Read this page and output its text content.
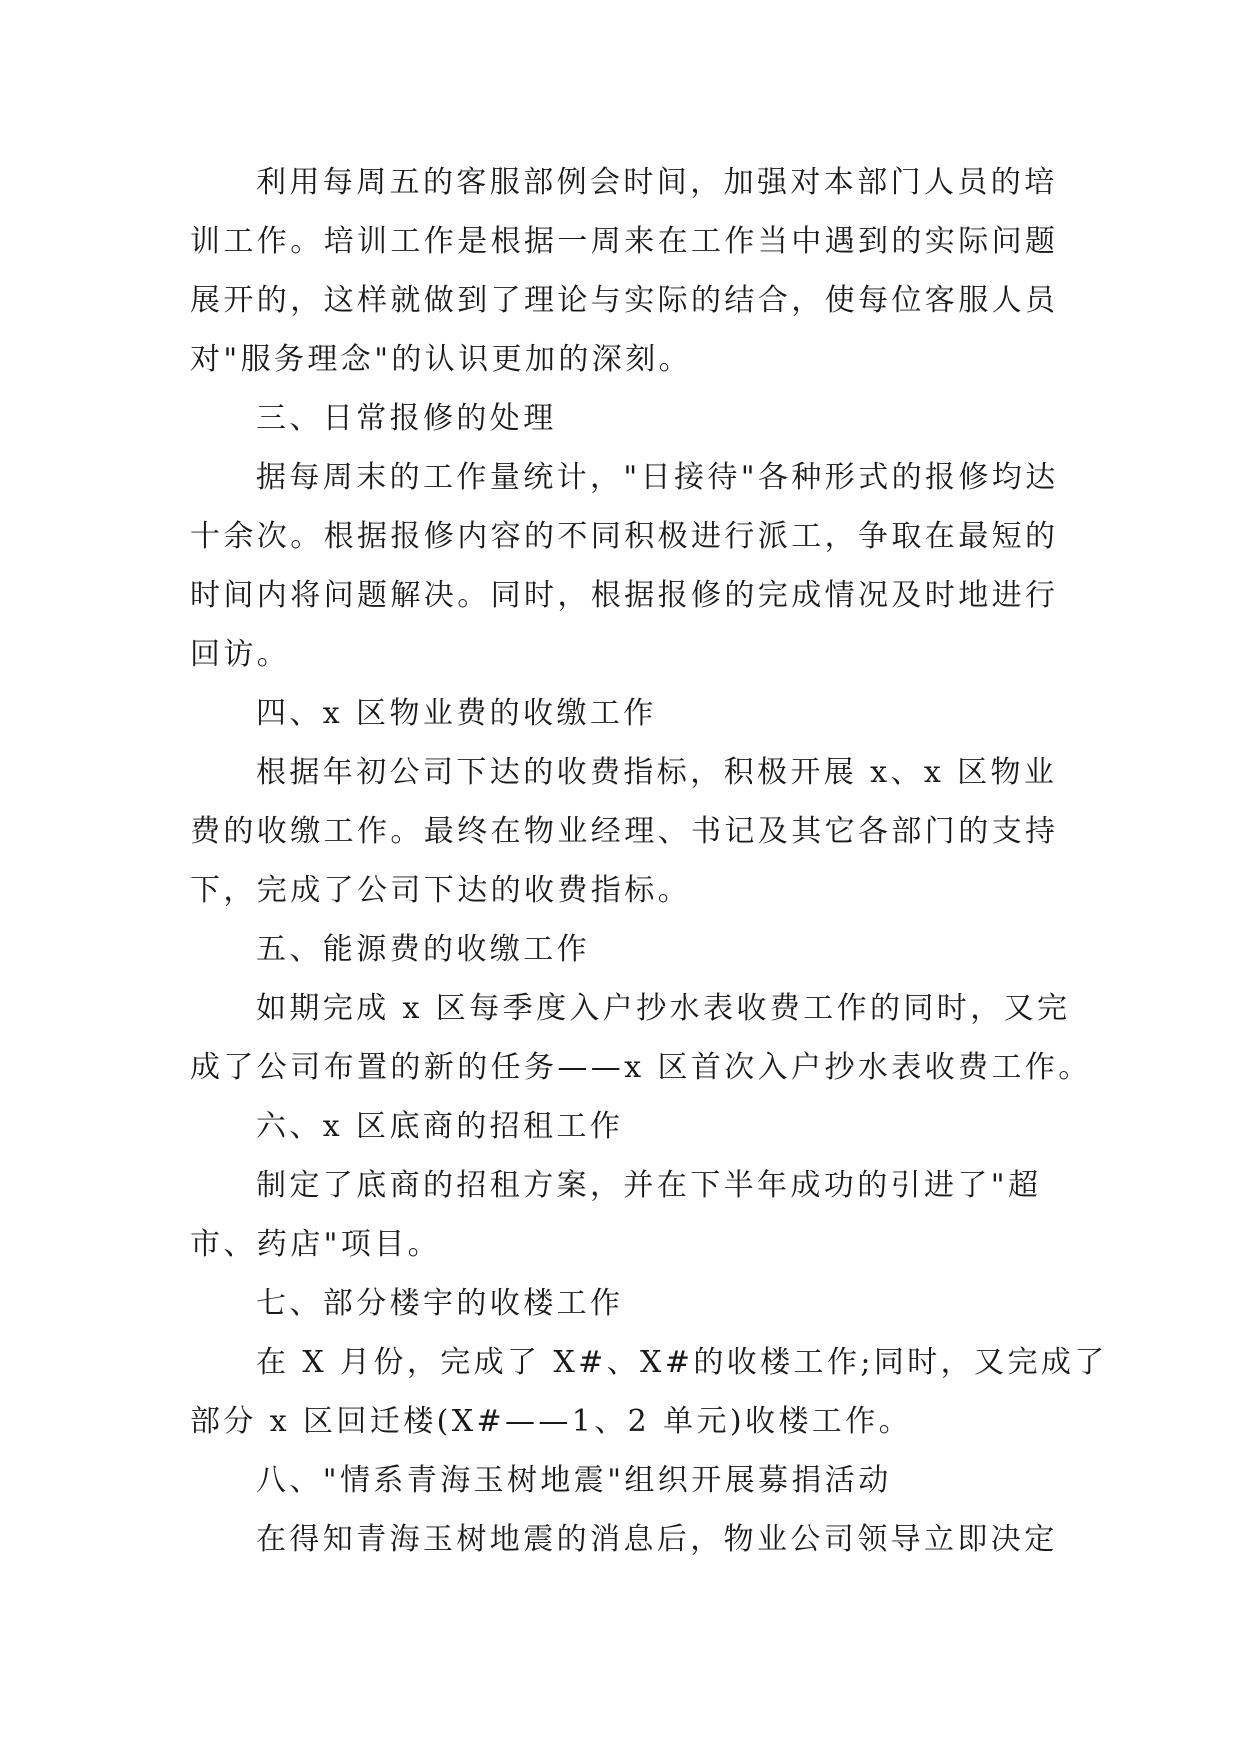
利用每周五的客服部例会时间，加强对本部门人员的培
训工作。培训工作是根据一周来在工作当中遇到的实际问题
展开的，这样就做到了理论与实际的结合，使每位客服人员
对"服务理念"的认识更加的深刻。
三、日常报修的处理
据每周末的工作量统计，"日接待"各种形式的报修均达
十余次。根据报修内容的不同积极进行派工，争取在最短的
时间内将问题解决。同时，根据报修的完成情况及时地进行
回访。
四、x 区物业费的收缴工作
根据年初公司下达的收费指标，积极开展 x、x 区物业
费的收缴工作。最终在物业经理、书记及其它各部门的支持
下，完成了公司下达的收费指标。
五、能源费的收缴工作
如期完成 x 区每季度入户抄水表收费工作的同时，又完
成了公司布置的新的任务——x 区首次入户抄水表收费工作。
六、x 区底商的招租工作
制定了底商的招租方案，并在下半年成功的引进了"超
市、药店"项目。
七、部分楼宇的收楼工作
在 X 月份，完成了 X#、X#的收楼工作;同时，又完成了
部分 x 区回迁楼(X#——1、2 单元)收楼工作。
八、"情系青海玉树地震"组织开展募捐活动
在得知青海玉树地震的消息后，物业公司领导立即决定
